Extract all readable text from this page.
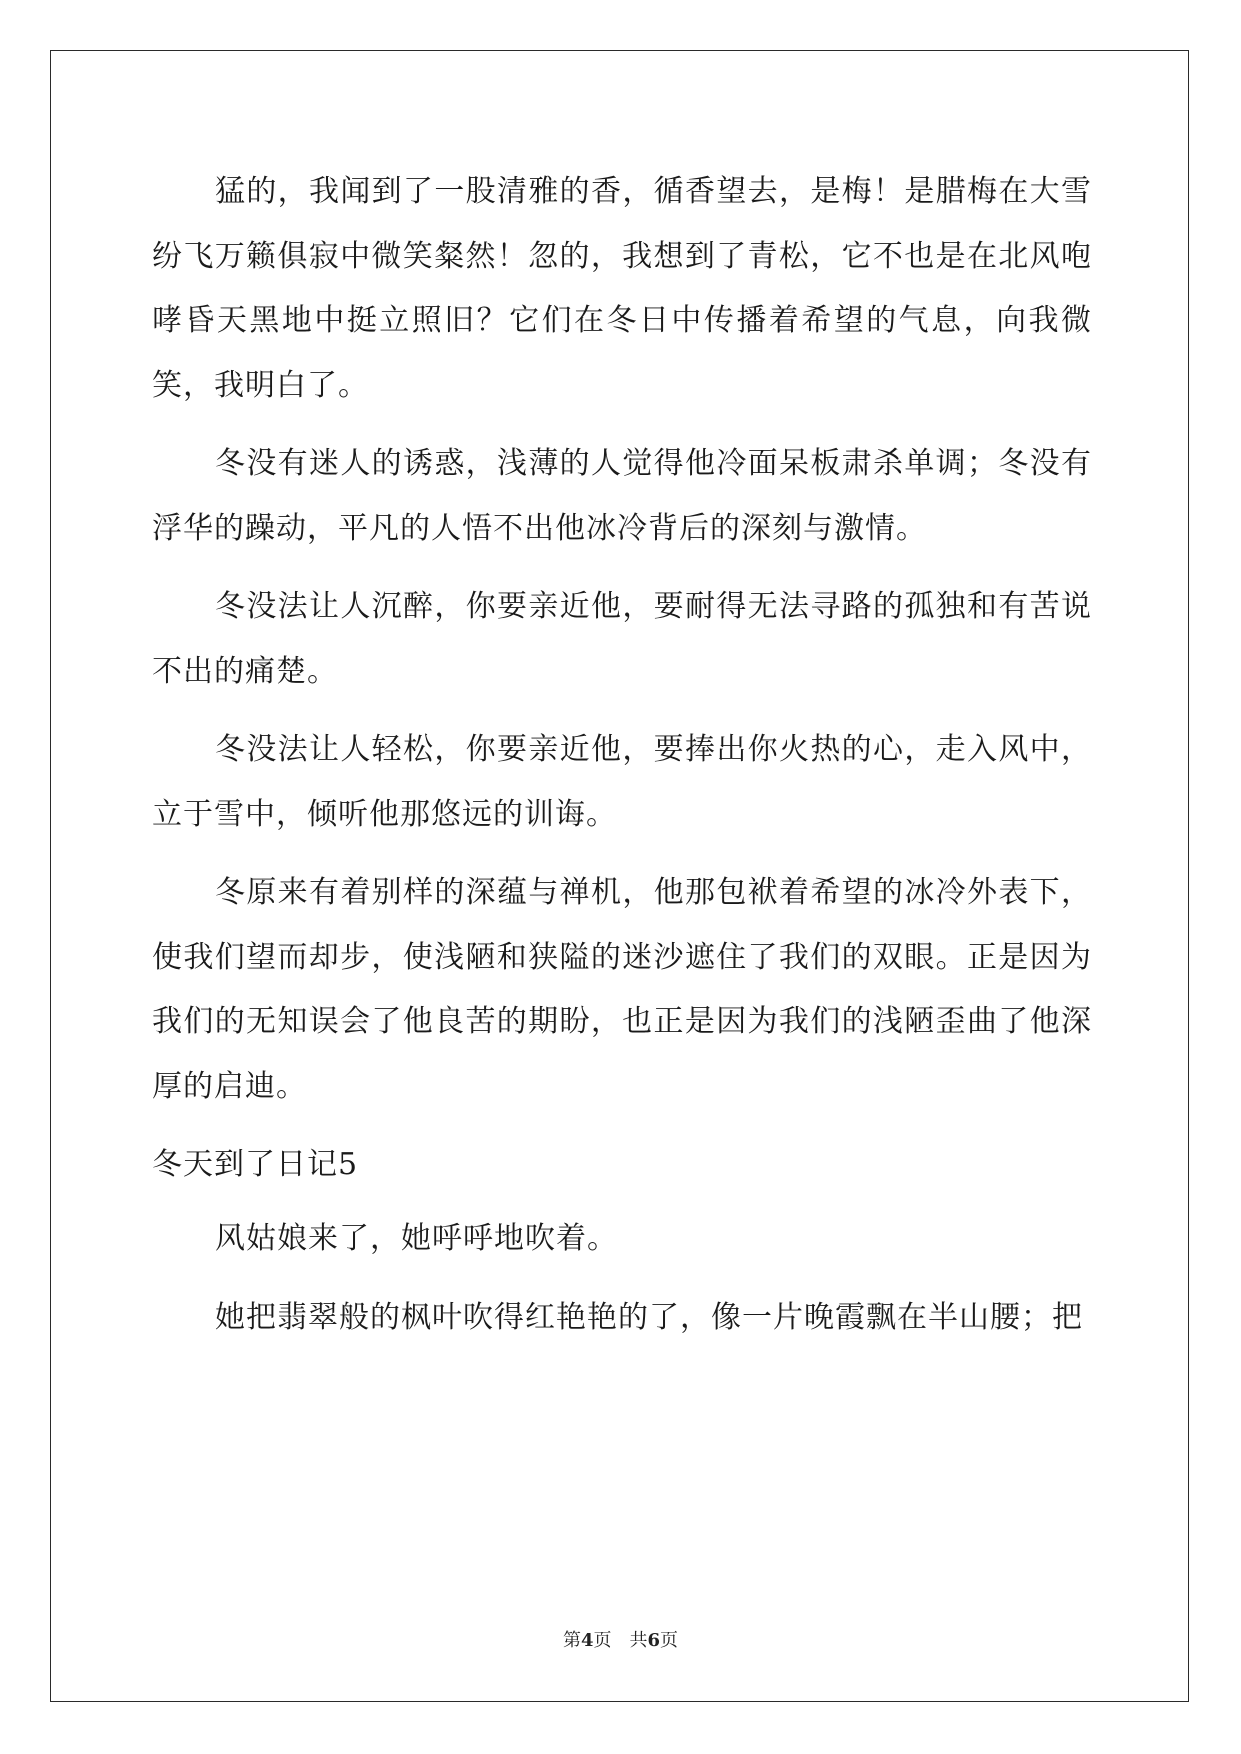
猛的，我闻到了一股清雅的香，循香望去，是梅！是腊梅在大雪纷飞万籁俱寂中微笑粲然！忽的，我想到了青松，它不也是在北风咆哮昏天黑地中挺立照旧？它们在冬日中传播着希望的气息，向我微笑，我明白了。

冬没有迷人的诱惑，浅薄的人觉得他冷面呆板肃杀单调；冬没有浮华的躁动，平凡的人悟不出他冰冷背后的深刻与激情。

冬没法让人沉醉，你要亲近他，要耐得无法寻路的孤独和有苦说不出的痛楚。

冬没法让人轻松，你要亲近他，要捧出你火热的心，走入风中，立于雪中，倾听他那悠远的训诲。

冬原来有着别样的深蕴与禅机，他那包袱着希望的冰冷外表下，使我们望而却步，使浅陋和狭隘的迷沙遮住了我们的双眼。正是因为我们的无知误会了他良苦的期盼，也正是因为我们的浅陋歪曲了他深厚的启迪。

冬天到了日记5

风姑娘来了，她呼呼地吹着。

她把翡翠般的枫叶吹得红艳艳的了，像一片晚霞飘在半山腰；把

第4页 共6页
